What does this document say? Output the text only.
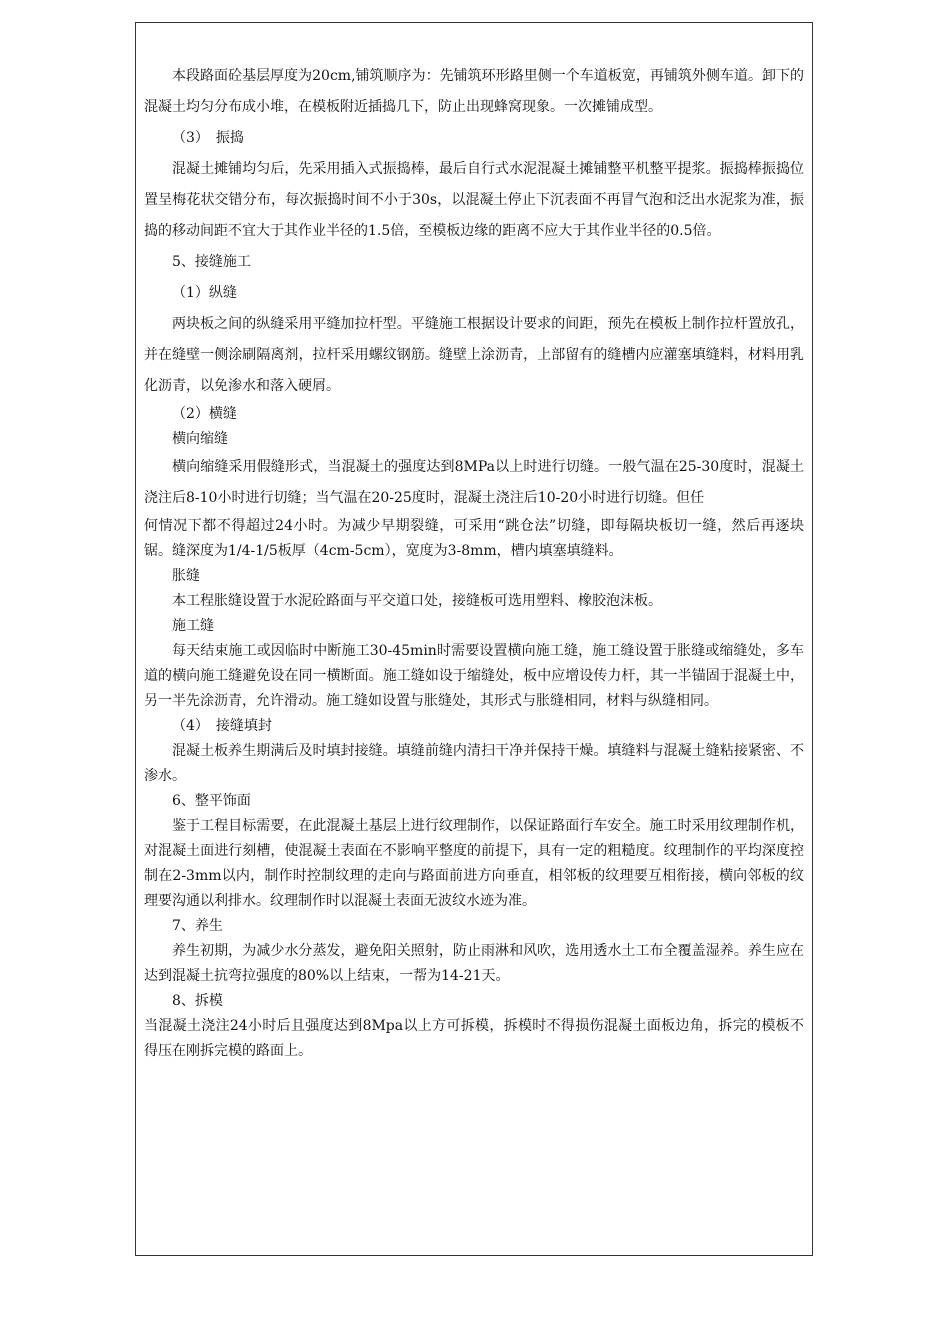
本段路面砼基层厚度为20cm,铺筑顺序为：先铺筑环形路里侧一个车道板宽，再铺筑外侧车道。卸下的混凝土均匀分布成小堆，在模板附近插捣几下，防止出现蜂窝现象。一次摊铺成型。

（3）　振捣

混凝土摊铺均匀后，先采用插入式振捣棒，最后自行式水泥混凝土摊铺整平机整平提浆。振捣棒振捣位置呈梅花状交错分布，每次振捣时间不小于30s，以混凝土停止下沉表面不再冒气泡和泛出水泥浆为准，振捣的移动间距不宜大于其作业半径的1.5倍，至模板边缘的距离不应大于其作业半径的0.5倍。

5、接缝施工

（1）纵缝

两块板之间的纵缝采用平缝加拉杆型。平缝施工根据设计要求的间距，预先在模板上制作拉杆置放孔，并在缝壁一侧涂刷隔离剂，拉杆采用螺纹钢筋。缝壁上涂沥青，上部留有的缝槽内应灌塞填缝料，材料用乳化沥青，以免渗水和落入硬屑。

（2）横缝

横向缩缝

横向缩缝采用假缝形式，当混凝土的强度达到8MPa以上时进行切缝。一般气温在25-30度时，混凝土浇注后8-10小时进行切缝；当气温在20-25度时，混凝土浇注后10-20小时进行切缝。但任

何情况下都不得超过24小时。为减少早期裂缝，可采用“跳仓法”切缝，即每隔块板切一缝，然后再逐块锯。缝深度为1/4-1/5板厚（4cm-5cm），宽度为3-8mm，槽内填塞填缝料。

胀缝

本工程胀缝设置于水泥砼路面与平交道口处，接缝板可选用塑料、橡胶泡沫板。

施工缝

每天结束施工或因临时中断施工30-45min时需要设置横向施工缝，施工缝设置于胀缝或缩缝处，多车道的横向施工缝避免设在同一横断面。施工缝如设于缩缝处，板中应增设传力杆，其一半锚固于混凝土中，另一半先涂沥青，允许滑动。施工缝如设置与胀缝处，其形式与胀缝相同，材料与纵缝相同。

（4）　接缝填封

混凝土板养生期满后及时填封接缝。填缝前缝内清扫干净并保持干燥。填缝料与混凝土缝粘接紧密、不渗水。

6、整平饰面

鉴于工程目标需要，在此混凝土基层上进行纹理制作，以保证路面行车安全。施工时采用纹理制作机，对混凝土面进行刻槽，使混凝土表面在不影响平整度的前提下，具有一定的粗糙度。纹理制作的平均深度控制在2-3mm以内，制作时控制纹理的走向与路面前进方向垂直，相邻板的纹理要互相衔接，横向邻板的纹理要沟通以利排水。纹理制作时以混凝土表面无波纹水迹为准。

7、养生

养生初期，为减少水分蒸发，避免阳关照射，防止雨淋和风吹，选用透水土工布全覆盖湿养。养生应在达到混凝土抗弯拉强度的80%以上结束，一帮为14-21天。

8、拆模

当混凝土浇注24小时后且强度达到8Mpa以上方可拆模，拆模时不得损伤混凝土面板边角，拆完的模板不得压在刚拆完模的路面上。
